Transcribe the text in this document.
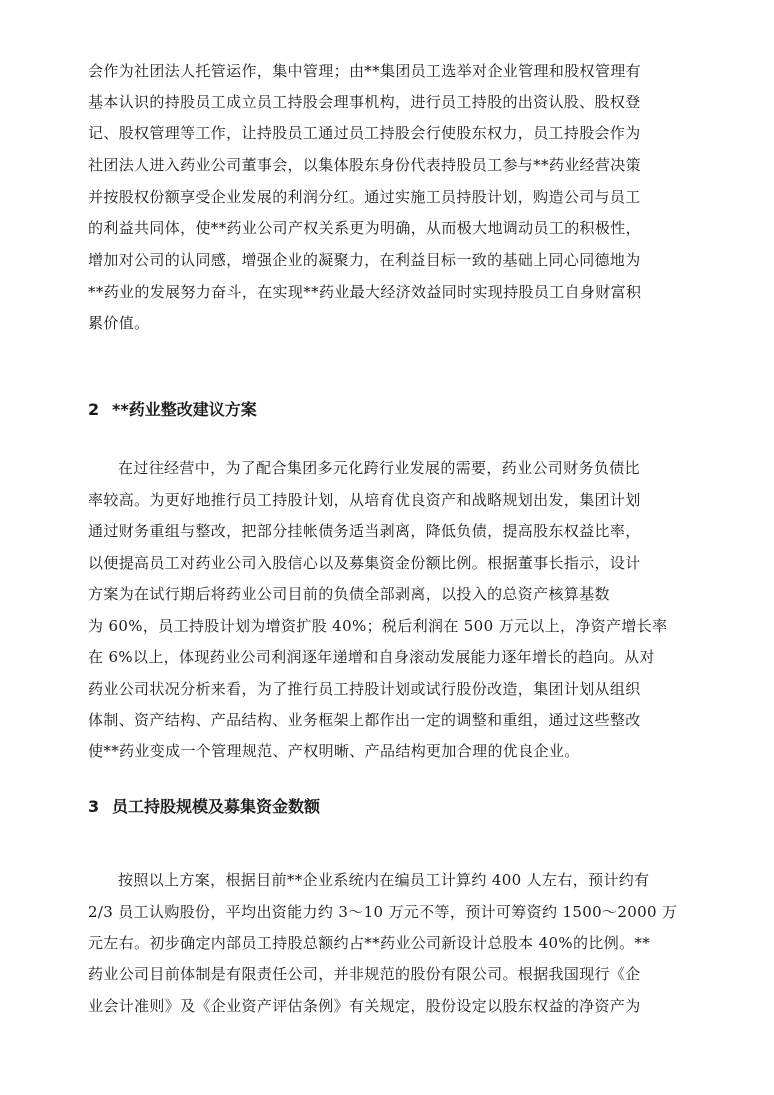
会作为社团法人托管运作，集中管理；由**集团员工选举对企业管理和股权管理有
基本认识的持股员工成立员工持股会理事机构，进行员工持股的出资认股、股权登
记、股权管理等工作，让持股员工通过员工持股会行使股东权力，员工持股会作为
社团法人进入药业公司董事会，以集体股东身份代表持股员工参与**药业经营决策
并按股权份额享受企业发展的利润分红。通过实施工员持股计划，购造公司与员工
的利益共同体，使**药业公司产权关系更为明确，从而极大地调动员工的积极性，
增加对公司的认同感，增强企业的凝聚力，在利益目标一致的基础上同心同德地为
**药业的发展努力奋斗，在实现**药业最大经济效益同时实现持股员工自身财富积
累价值。
2 **药业整改建议方案
在过往经营中，为了配合集团多元化跨行业发展的需要，药业公司财务负债比
率较高。为更好地推行员工持股计划，从培育优良资产和战略规划出发，集团计划
通过财务重组与整改，把部分挂帐债务适当剥离，降低负债，提高股东权益比率，
以便提高员工对药业公司入股信心以及募集资金份额比例。根据董事长指示，设计
方案为在试行期后将药业公司目前的负债全部剥离，以投入的总资产核算基数
为 60%，员工持股计划为增资扩股 40%；税后利润在 500 万元以上，净资产增长率
在 6%以上，体现药业公司利润逐年递增和自身滚动发展能力逐年增长的趋向。从对
药业公司状况分析来看，为了推行员工持股计划或试行股份改造，集团计划从组织
体制、资产结构、产品结构、业务框架上都作出一定的调整和重组，通过这些整改
使**药业变成一个管理规范、产权明晰、产品结构更加合理的优良企业。
3 员工持股规模及募集资金数额
按照以上方案，根据目前**企业系统内在编员工计算约 400 人左右，预计约有
2/3 员工认购股份，平均出资能力约 3～10 万元不等，预计可筹资约 1500～2000 万
元左右。初步确定内部员工持股总额约占**药业公司新设计总股本 40%的比例。**
药业公司目前体制是有限责任公司，并非规范的股份有限公司。根据我国现行《企
业会计准则》及《企业资产评估条例》有关规定，股份设定以股东权益的净资产为
